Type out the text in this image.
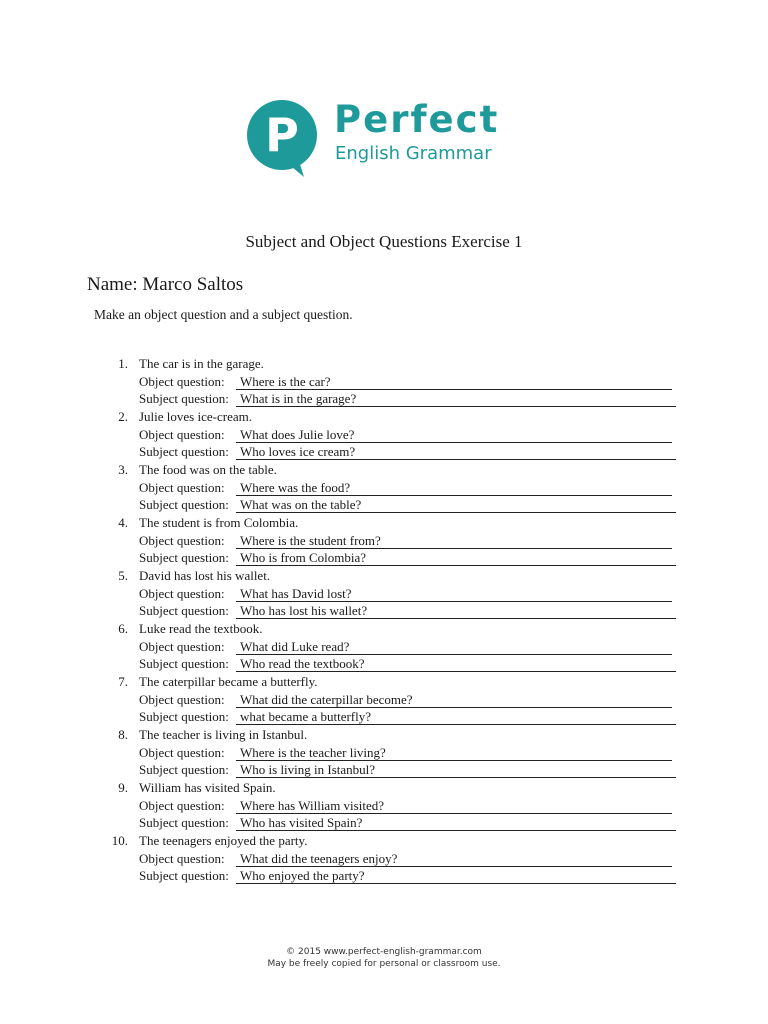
P Perfect
English Grammar
Subject and Object Questions Exercise 1
Name: Marco Saltos
Make an object question and a subject question.
1. The car is in the garage.
Object question:	Where is the car?
Subject question: What is in the garage?
2. Julie loves ice-cream.
Object question:	What does Julie love?
Subject question: Who loves ice cream?
3. The food was on the table.
Object question:	Where was the food?
Subject question: What was on the table?
4. The student is from Colombia.
Object question:	Where is the student from?
Subject question: Who is from Colombia?
5. David has lost his wallet.
Object question:	What has David lost?
Subject question: Who has lost his wallet?
6. Luke read the textbook.
Object question:	What did Luke read?
Subject question: Who read the textbook?
7. The caterpillar became a butterfly.
Object question:	What did the caterpillar become?
Subject question: what became a butterfly?
8. The teacher is living in Istanbul.
Object question:	Where is the teacher living?
Subject question: Who is living in Istanbul?
9. William has visited Spain.
Object question:	Where has William visited?
Subject question: Who has visited Spain?
10. The teenagers enjoyed the party.
Object question:	What did the teenagers enjoy?
Subject question: Who enjoyed the party?
© 2015 www.perfect-english-grammar.com
May be freely copied for personal or classroom use.
